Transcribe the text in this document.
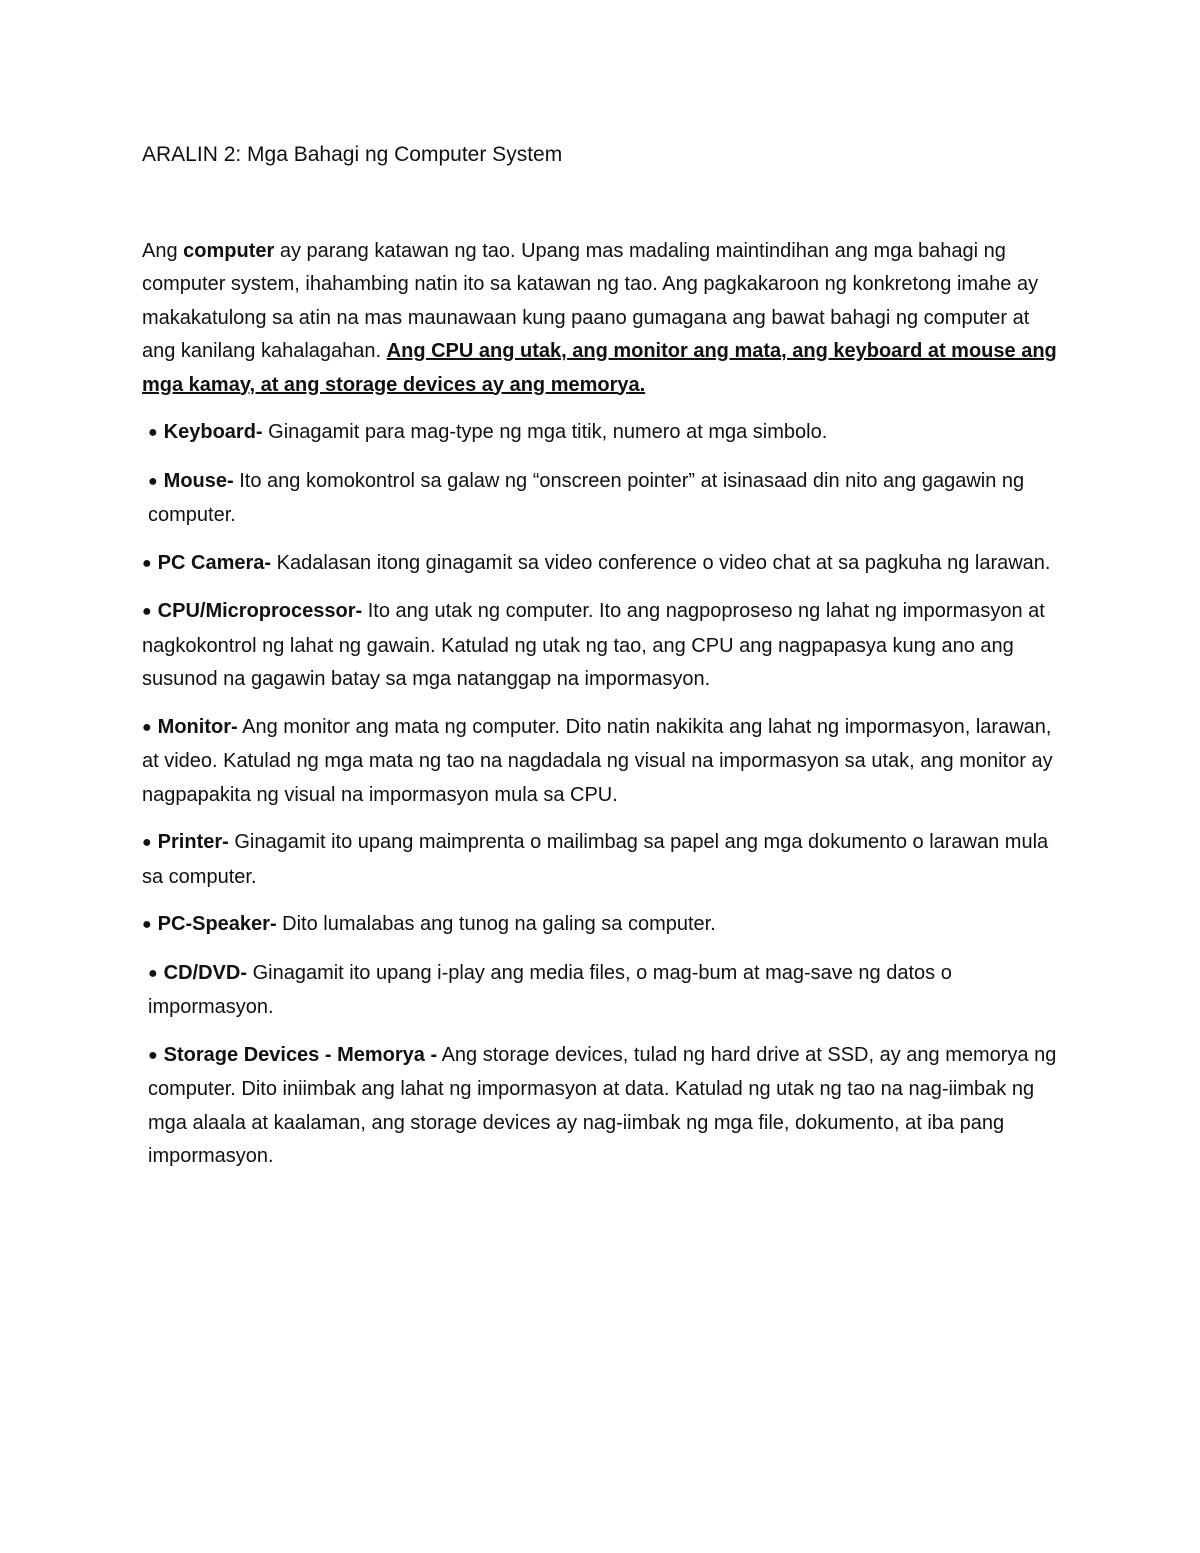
ARALIN 2: Mga Bahagi ng Computer System

Ang computer ay parang katawan ng tao. Upang mas madaling maintindihan ang mga bahagi ng computer system, ihahambing natin ito sa katawan ng tao. Ang pagkakaroon ng konkretong imahe ay makakatulong sa atin na mas maunawaan kung paano gumagana ang bawat bahagi ng computer at ang kanilang kahalagahan. Ang CPU ang utak, ang monitor ang mata, ang keyboard at mouse ang mga kamay, at ang storage devices ay ang memorya.

● Keyboard- Ginagamit para mag-type ng mga titik, numero at mga simbolo.

● Mouse- Ito ang komokontrol sa galaw ng “onscreen pointer” at isinasaad din nito ang gagawin ng computer.

● PC Camera- Kadalasan itong ginagamit sa video conference o video chat at sa pagkuha ng larawan.

● CPU/Microprocessor- Ito ang utak ng computer. Ito ang nagpoproseso ng lahat ng impormasyon at nagkokontrol ng lahat ng gawain. Katulad ng utak ng tao, ang CPU ang nagpapasya kung ano ang susunod na gagawin batay sa mga natanggap na impormasyon.

● Monitor- Ang monitor ang mata ng computer. Dito natin nakikita ang lahat ng impormasyon, larawan, at video. Katulad ng mga mata ng tao na nagdadala ng visual na impormasyon sa utak, ang monitor ay nagpapakita ng visual na impormasyon mula sa CPU.

● Printer- Ginagamit ito upang maimprenta o mailimbag sa papel ang mga dokumento o larawan mula sa computer.

● PC-Speaker- Dito lumalabas ang tunog na galing sa computer.

● CD/DVD- Ginagamit ito upang i-play ang media files, o mag-bum at mag-save ng datos o impormasyon.

● Storage Devices - Memorya - Ang storage devices, tulad ng hard drive at SSD, ay ang memorya ng computer. Dito iniimbak ang lahat ng impormasyon at data. Katulad ng utak ng tao na nag-iimbak ng mga alaala at kaalaman, ang storage devices ay nag-iimbak ng mga file, dokumento, at iba pang impormasyon.
